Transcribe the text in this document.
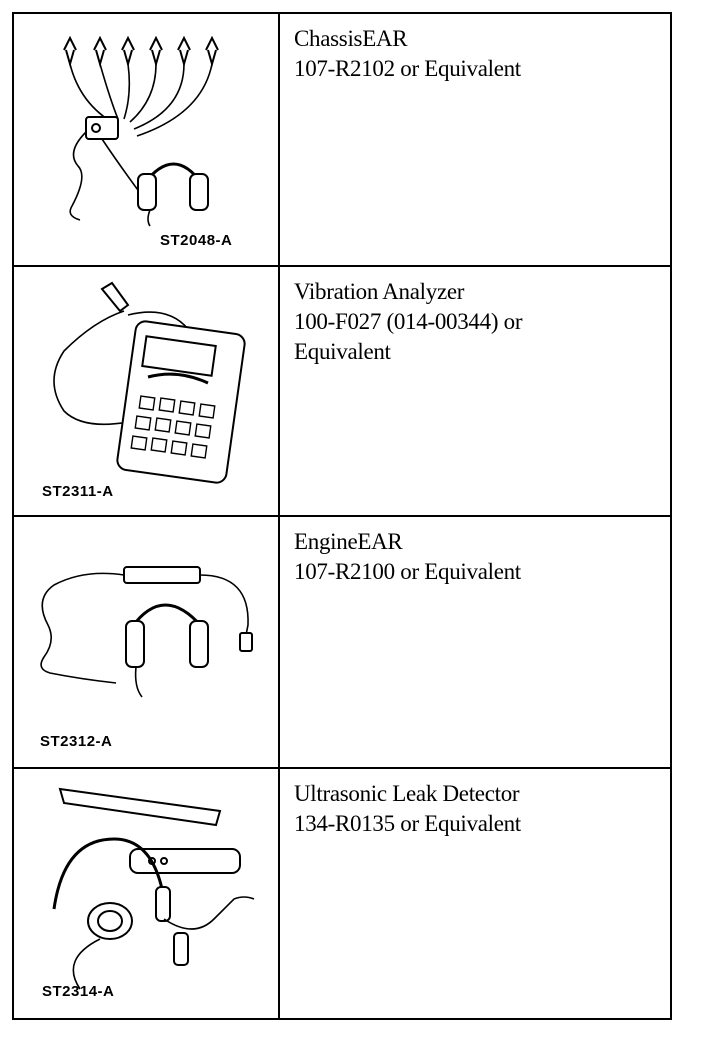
ST2048-A	ChassisEAR
107-R2102 or Equivalent

ST2311-A	Vibration Analyzer
100-F027 (014-00344) or Equivalent

ST2312-A	EngineEAR
107-R2100 or Equivalent

ST2314-A	Ultrasonic Leak Detector
134-R0135 or Equivalent
